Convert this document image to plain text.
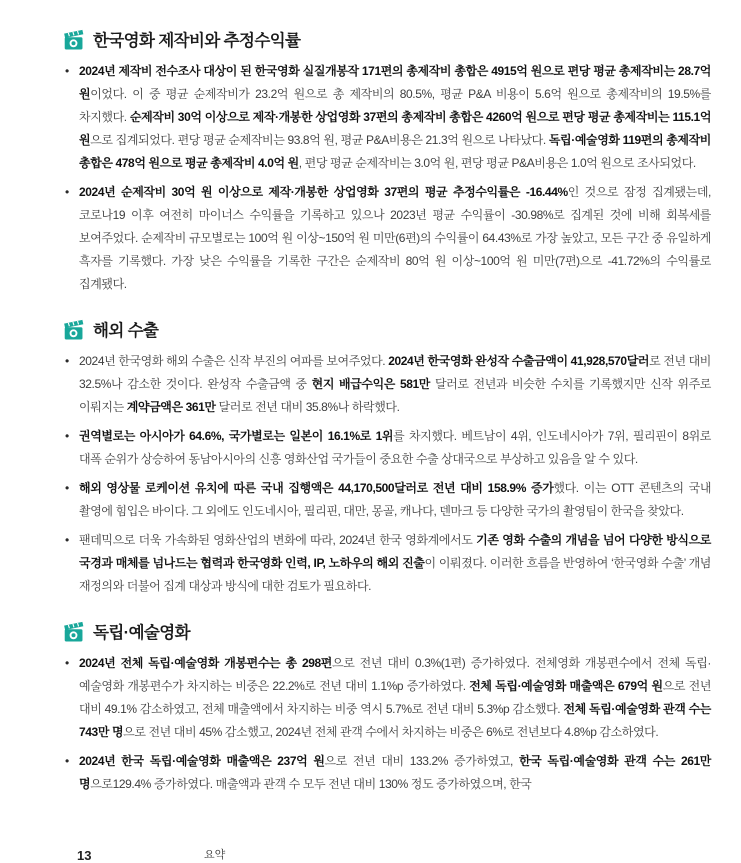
한국영화 제작비와 추정수익률
• 2024년 제작비 전수조사 대상이 된 한국영화 실질개봉작 171편의 총제작비 총합은 4915억 원으로 편당 평균 총제작비는 28.7억 원이었다. 이 중 평균 순제작비가 23.2억 원으로 총 제작비의 80.5%, 평균 P&A 비용이 5.6억 원으로 총제작비의 19.5%를 차지했다. 순제작비 30억 이상으로 제작·개봉한 상업영화 37편의 총제작비 총합은 4260억 원으로 편당 평균 총제작비는 115.1억 원으로 집계되었다. 편당 평균 순제작비는 93.8억 원, 평균 P&A비용은 21.3억 원으로 나타났다. 독립·예술영화 119편의 총제작비 총합은 478억 원으로 평균 총제작비 4.0억 원, 편당 평균 순제작비는 3.0억 원, 편당 평균 P&A비용은 1.0억 원으로 조사되었다.
• 2024년 순제작비 30억 원 이상으로 제작·개봉한 상업영화 37편의 평균 추정수익률은 -16.44%인 것으로 잠정 집계됐는데, 코로나19 이후 여전히 마이너스 수익률을 기록하고 있으나 2023년 평균 수익률이 -30.98%로 집계된 것에 비해 회복세를 보여주었다. 순제작비 규모별로는 100억 원 이상~150억 원 미만(6편)의 수익률이 64.43%로 가장 높았고, 모든 구간 중 유일하게 흑자를 기록했다. 가장 낮은 수익률을 기록한 구간은 순제작비 80억 원 이상~100억 원 미만(7편)으로 -41.72%의 수익률로 집계됐다.
해외 수출
• 2024년 한국영화 해외 수출은 신작 부진의 여파를 보여주었다. 2024년 한국영화 완성작 수출금액이 41,928,570달러로 전년 대비 32.5%나 감소한 것이다. 완성작 수출금액 중 현지 배급수익은 581만 달러로 전년과 비슷한 수치를 기록했지만 신작 위주로 이뤄지는 계약금액은 361만 달러로 전년 대비 35.8%나 하락했다.
• 권역별로는 아시아가 64.6%, 국가별로는 일본이 16.1%로 1위를 차지했다. 베트남이 4위, 인도네시아가 7위, 필리핀이 8위로 대폭 순위가 상승하여 동남아시아의 신흥 영화산업 국가들이 중요한 수출 상대국으로 부상하고 있음을 알 수 있다.
• 해외 영상물 로케이션 유치에 따른 국내 집행액은 44,170,500달러로 전년 대비 158.9% 증가했다. 이는 OTT 콘텐츠의 국내 촬영에 힘입은 바이다. 그 외에도 인도네시아, 필리핀, 대만, 몽골, 캐나다, 덴마크 등 다양한 국가의 촬영팀이 한국을 찾았다.
• 팬데믹으로 더욱 가속화된 영화산업의 변화에 따라, 2024년 한국 영화계에서도 기존 영화 수출의 개념을 넘어 다양한 방식으로 국경과 매체를 넘나드는 협력과 한국영화 인력, IP, 노하우의 해외 진출이 이뤄졌다. 이러한 흐름을 반영하여 ‘한국영화 수출’ 개념 재정의와 더불어 집계 대상과 방식에 대한 검토가 필요하다.
독립·예술영화
• 2024년 전체 독립·예술영화 개봉편수는 총 298편으로 전년 대비 0.3%(1편) 증가하였다. 전체영화 개봉편수에서 전체 독립·예술영화 개봉편수가 차지하는 비중은 22.2%로 전년 대비 1.1%p 증가하였다. 전체 독립·예술영화 매출액은 679억 원으로 전년 대비 49.1% 감소하였고, 전체 매출액에서 차지하는 비중 역시 5.7%로 전년 대비 5.3%p 감소했다. 전체 독립·예술영화 관객 수는 743만 명으로 전년 대비 45% 감소했고, 2024년 전체 관객 수에서 차지하는 비중은 6%로 전년보다 4.8%p 감소하였다.
• 2024년 한국 독립·예술영화 매출액은 237억 원으로 전년 대비 133.2% 증가하였고, 한국 독립·예술영화 관객 수는 261만 명으로129.4% 증가하였다. 매출액과 관객 수 모두 전년 대비 130% 정도 증가하였으며, 한국
13	요약
